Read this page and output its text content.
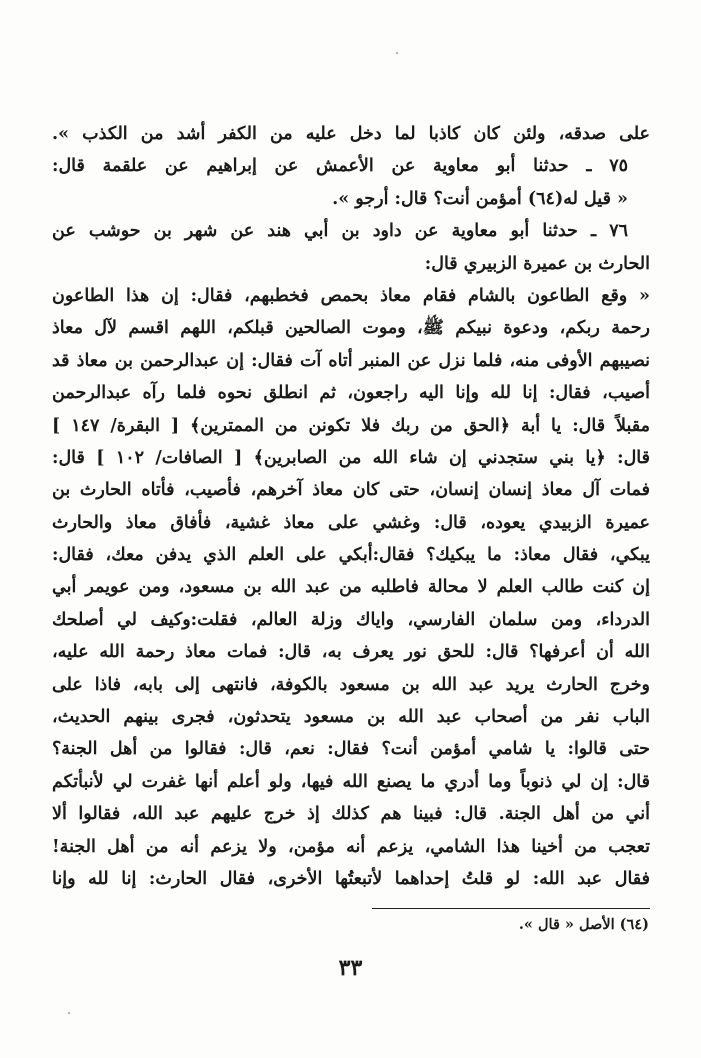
على صدقه، ولئن كان كاذبا لما دخل عليه من الكفر أشد من الكذب ».
٧٥ ـ حدثنا أبو معاوية عن الأعمش عن إبراهيم عن علقمة قال:
« قيل له(٦٤) أمؤمن أنت؟ قال: أرجو ».
٧٦ ـ حدثنا أبو معاوية عن داود بن أبي هند عن شهر بن حوشب عن
الحارث بن عميرة الزبيري قال:
« وقع الطاعون بالشام فقام معاذ بحمص فخطبهم، فقال: إن هذا الطاعون
رحمة ربكم، ودعوة نبيكم ﷺ، وموت الصالحين قبلكم، اللهم اقسم لآل معاذ
نصيبهم الأوفى منه، فلما نزل عن المنبر أتاه آت فقال: إن عبدالرحمن بن معاذ قد
أصيب، فقال: إنا لله وإنا اليه راجعون، ثم انطلق نحوه فلما رآه عبدالرحمن
مقبلاً قال: يا أبة ﴿الحق من ربك فلا تكونن من الممترين﴾ [ البقرة/ ١٤٧ ]
قال: ﴿يا بني ستجدني إن شاء الله من الصابرين﴾ [ الصافات/ ١٠٢ ] قال:
فمات آل معاذ إنسان إنسان، حتى كان معاذ آخرهم، فأصيب، فأتاه الحارث بن
عميرة الزبيدي يعوده، قال: وغشي على معاذ غشية، فأفاق معاذ والحارث
يبكي، فقال معاذ: ما يبكيك؟ فقال:أبكي على العلم الذي يدفن معك، فقال:
إن كنت طالب العلم لا محالة فاطلبه من عبد الله بن مسعود، ومن عويمر أبي
الدرداء، ومن سلمان الفارسي، واياك وزلة العالم، فقلت:وكيف لي أصلحك
الله أن أعرفها؟ قال: للحق نور يعرف به، قال: فمات معاذ رحمة الله عليه،
وخرج الحارث يريد عبد الله بن مسعود بالكوفة، فانتهى إلى بابه، فاذا على
الباب نفر من أصحاب عبد الله بن مسعود يتحدثون، فجرى بينهم الحديث،
حتى قالوا: يا شامي أمؤمن أنت؟ فقال: نعم، قال: فقالوا من أهل الجنة؟
قال: إن لي ذنوباً وما أدري ما يصنع الله فيها، ولو أعلم أنها غفرت لي لأنبأتكم
أني من أهل الجنة. قال: فبينا هم كذلك إذ خرج عليهم عبد الله، فقالوا ألا
تعجب من أخينا هذا الشامي، يزعم أنه مؤمن، ولا يزعم أنه من أهل الجنة!
فقال عبد الله: لو قلتُ إحداهما لأتبعتُها الأخرى، فقال الحارث: إنا لله وإنا
(٦٤) الأصل « قال ».
٣٣
